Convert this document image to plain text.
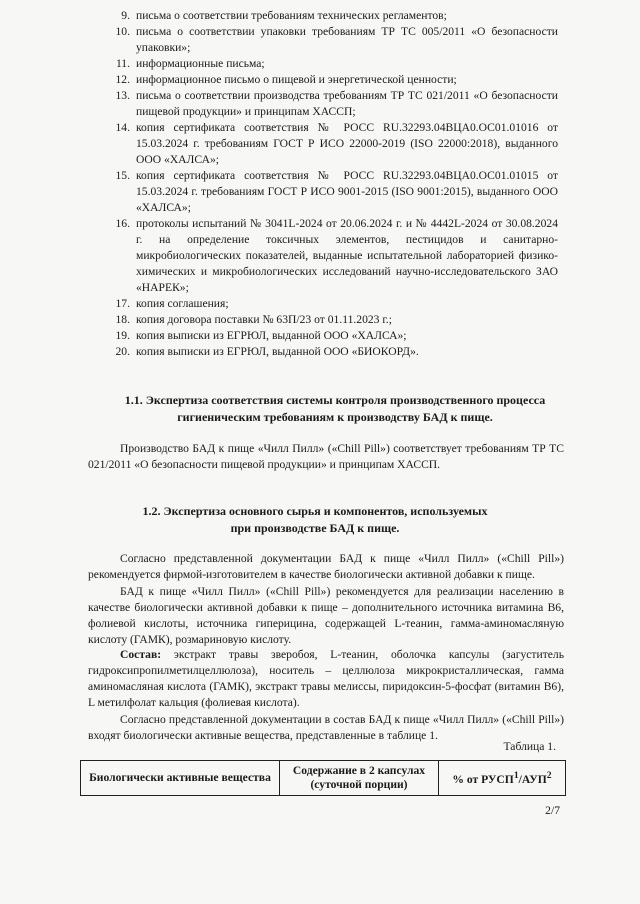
9. письма о соответствии требованиям технических регламентов;
10. письма о соответствии упаковки требованиям ТР ТС 005/2011 «О безопасности упаковки»;
11. информационные письма;
12. информационное письмо о пищевой и энергетической ценности;
13. письма о соответствии производства требованиям ТР ТС 021/2011 «О безопасности пищевой продукции» и принципам ХАССП;
14. копия сертификата соответствия № РОСС RU.32293.04ВЦА0.ОС01.01016 от 15.03.2024 г. требованиям ГОСТ Р ИСО 22000-2019 (ISO 22000:2018), выданного ООО «ХАЛСА»;
15. копия сертификата соответствия № РОСС RU.32293.04ВЦА0.ОС01.01015 от 15.03.2024 г. требованиям ГОСТ Р ИСО 9001-2015 (ISO 9001:2015), выданного ООО «ХАЛСА»;
16. протоколы испытаний № 3041L-2024 от 20.06.2024 г. и № 4442L-2024 от 30.08.2024 г. на определение токсичных элементов, пестицидов и санитарно-микробиологических показателей, выданные испытательной лабораторией физико-химических и микробиологических исследований научно-исследовательского ЗАО «НАРЕК»;
17. копия соглашения;
18. копия договора поставки № 63П/23 от 01.11.2023 г.;
19. копия выписки из ЕГРЮЛ, выданной ООО «ХАЛСА»;
20. копия выписки из ЕГРЮЛ, выданной ООО «БИОКОРД».
1.1. Экспертиза соответствия системы контроля производственного процесса
гигиеническим требованиям к производству БАД к пище.
Производство БАД к пище «Чилл Пилл» («Chill Pill») соответствует требованиям ТР ТС 021/2011 «О безопасности пищевой продукции» и принципам ХАССП.
1.2. Экспертиза основного сырья и компонентов, используемых
при производстве БАД к пище.
Согласно представленной документации БАД к пище «Чилл Пилл» («Chill Pill») рекомендуется фирмой-изготовителем в качестве биологически активной добавки к пище.
БАД к пище «Чилл Пилл» («Chill Pill») рекомендуется для реализации населению в качестве биологически активной добавки к пище – дополнительного источника витамина В6, фолиевой кислоты, источника гиперицина, содержащей L-теанин, гамма-аминомасляную кислоту (ГАМК), розмариновую кислоту.
Состав: экстракт травы зверобоя, L-теанин, оболочка капсулы (загуститель гидроксипропилметилцеллюлоза), носитель – целлюлоза микрокристаллическая, гамма аминомасляная кислота (ГАМК), экстракт травы мелиссы, пиридоксин-5-фосфат (витамин В6), L метилфолат кальция (фолиевая кислота).
Согласно представленной документации в состав БАД к пище «Чилл Пилл» («Chill Pill») входят биологически активные вещества, представленные в таблице 1.
Таблица 1.
Биологически активные вещества	Содержание в 2 капсулах (суточной порции)	% от РУСП$^1$/АУП$^2$
2/7
